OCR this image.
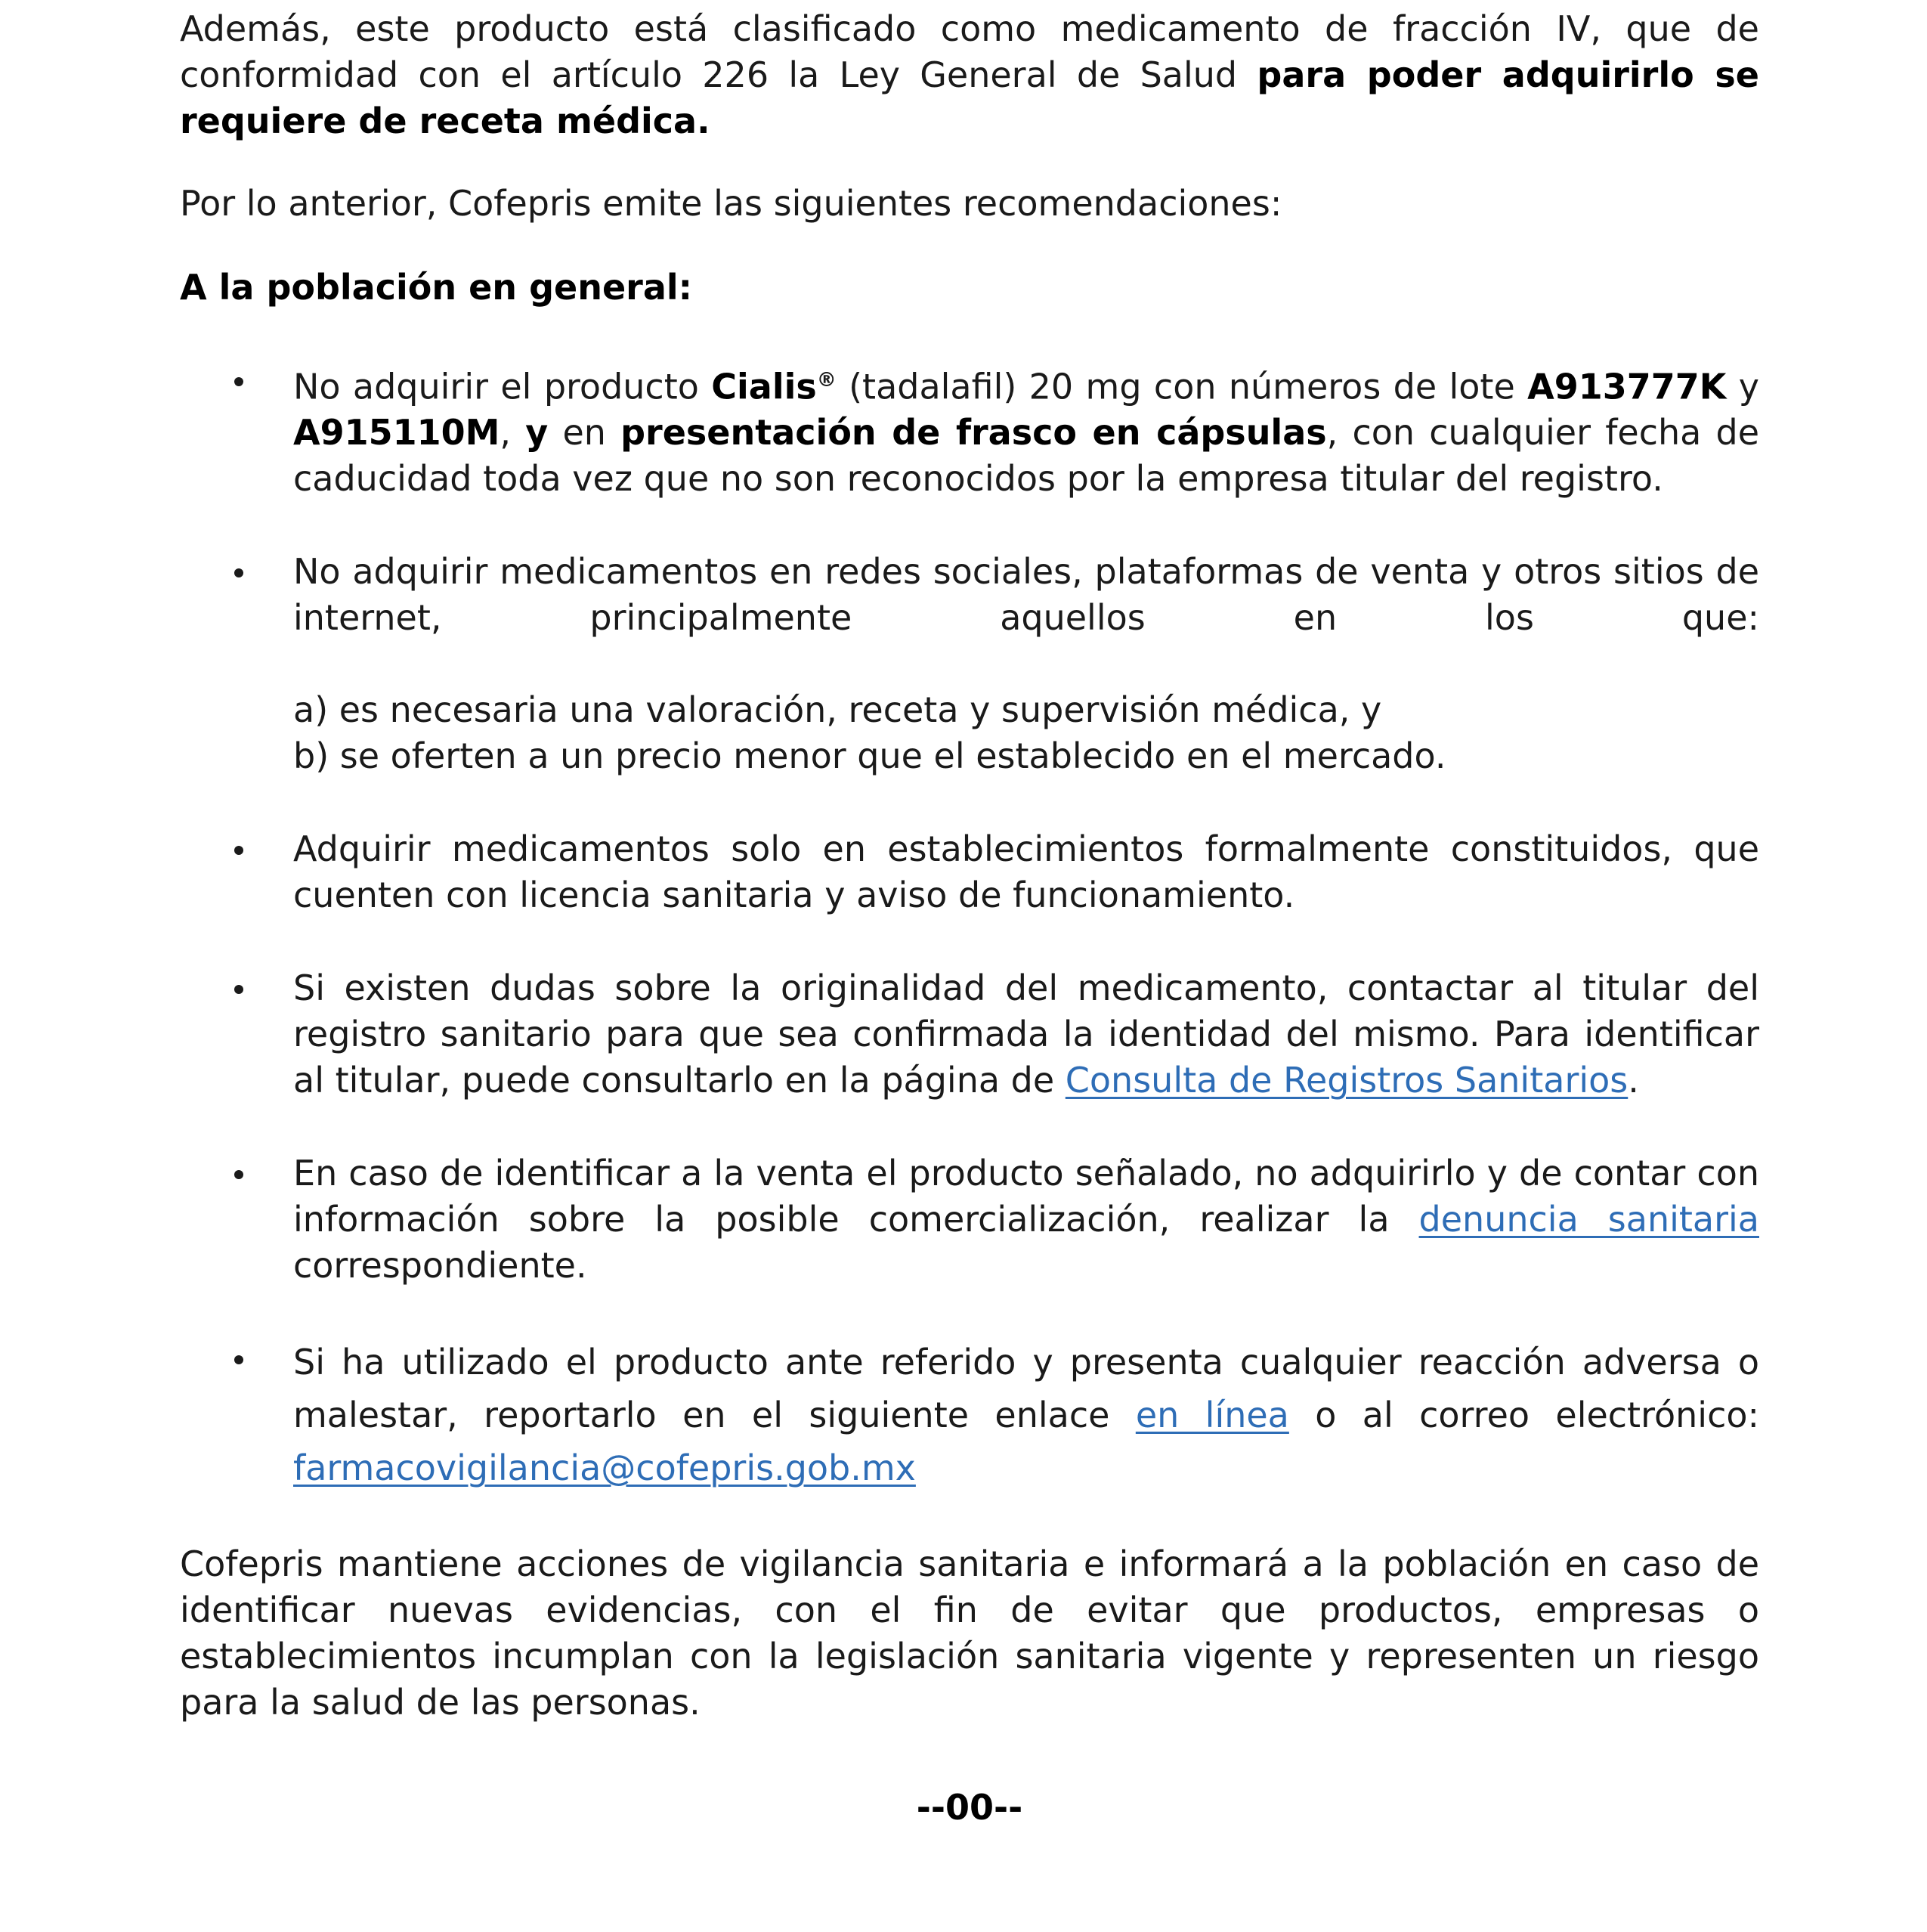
Además, este producto está clasificado como medicamento de fracción IV, que de conformidad con el artículo 226 la Ley General de Salud para poder adquirirlo se requiere de receta médica.

Por lo anterior, Cofepris emite las siguientes recomendaciones:

A la población en general:

No adquirir el producto Cialis® (tadalafil) 20 mg con números de lote A913777K y A915110M, y en presentación de frasco en cápsulas, con cualquier fecha de caducidad toda vez que no son reconocidos por la empresa titular del registro.

No adquirir medicamentos en redes sociales, plataformas de venta y otros sitios de internet, principalmente aquellos en los que:

a) es necesaria una valoración, receta y supervisión médica, y

b) se oferten a un precio menor que el establecido en el mercado.

Adquirir medicamentos solo en establecimientos formalmente constituidos, que cuenten con licencia sanitaria y aviso de funcionamiento.

Si existen dudas sobre la originalidad del medicamento, contactar al titular del registro sanitario para que sea confirmada la identidad del mismo. Para identificar al titular, puede consultarlo en la página de Consulta de Registros Sanitarios.

En caso de identificar a la venta el producto señalado, no adquirirlo y de contar con información sobre la posible comercialización, realizar la denuncia sanitaria correspondiente.

Si ha utilizado el producto ante referido y presenta cualquier reacción adversa o malestar, reportarlo en el siguiente enlace en línea o al correo electrónico: farmacovigilancia@cofepris.gob.mx

Cofepris mantiene acciones de vigilancia sanitaria e informará a la población en caso de identificar nuevas evidencias, con el fin de evitar que productos, empresas o establecimientos incumplan con la legislación sanitaria vigente y representen un riesgo para la salud de las personas.

--00--
